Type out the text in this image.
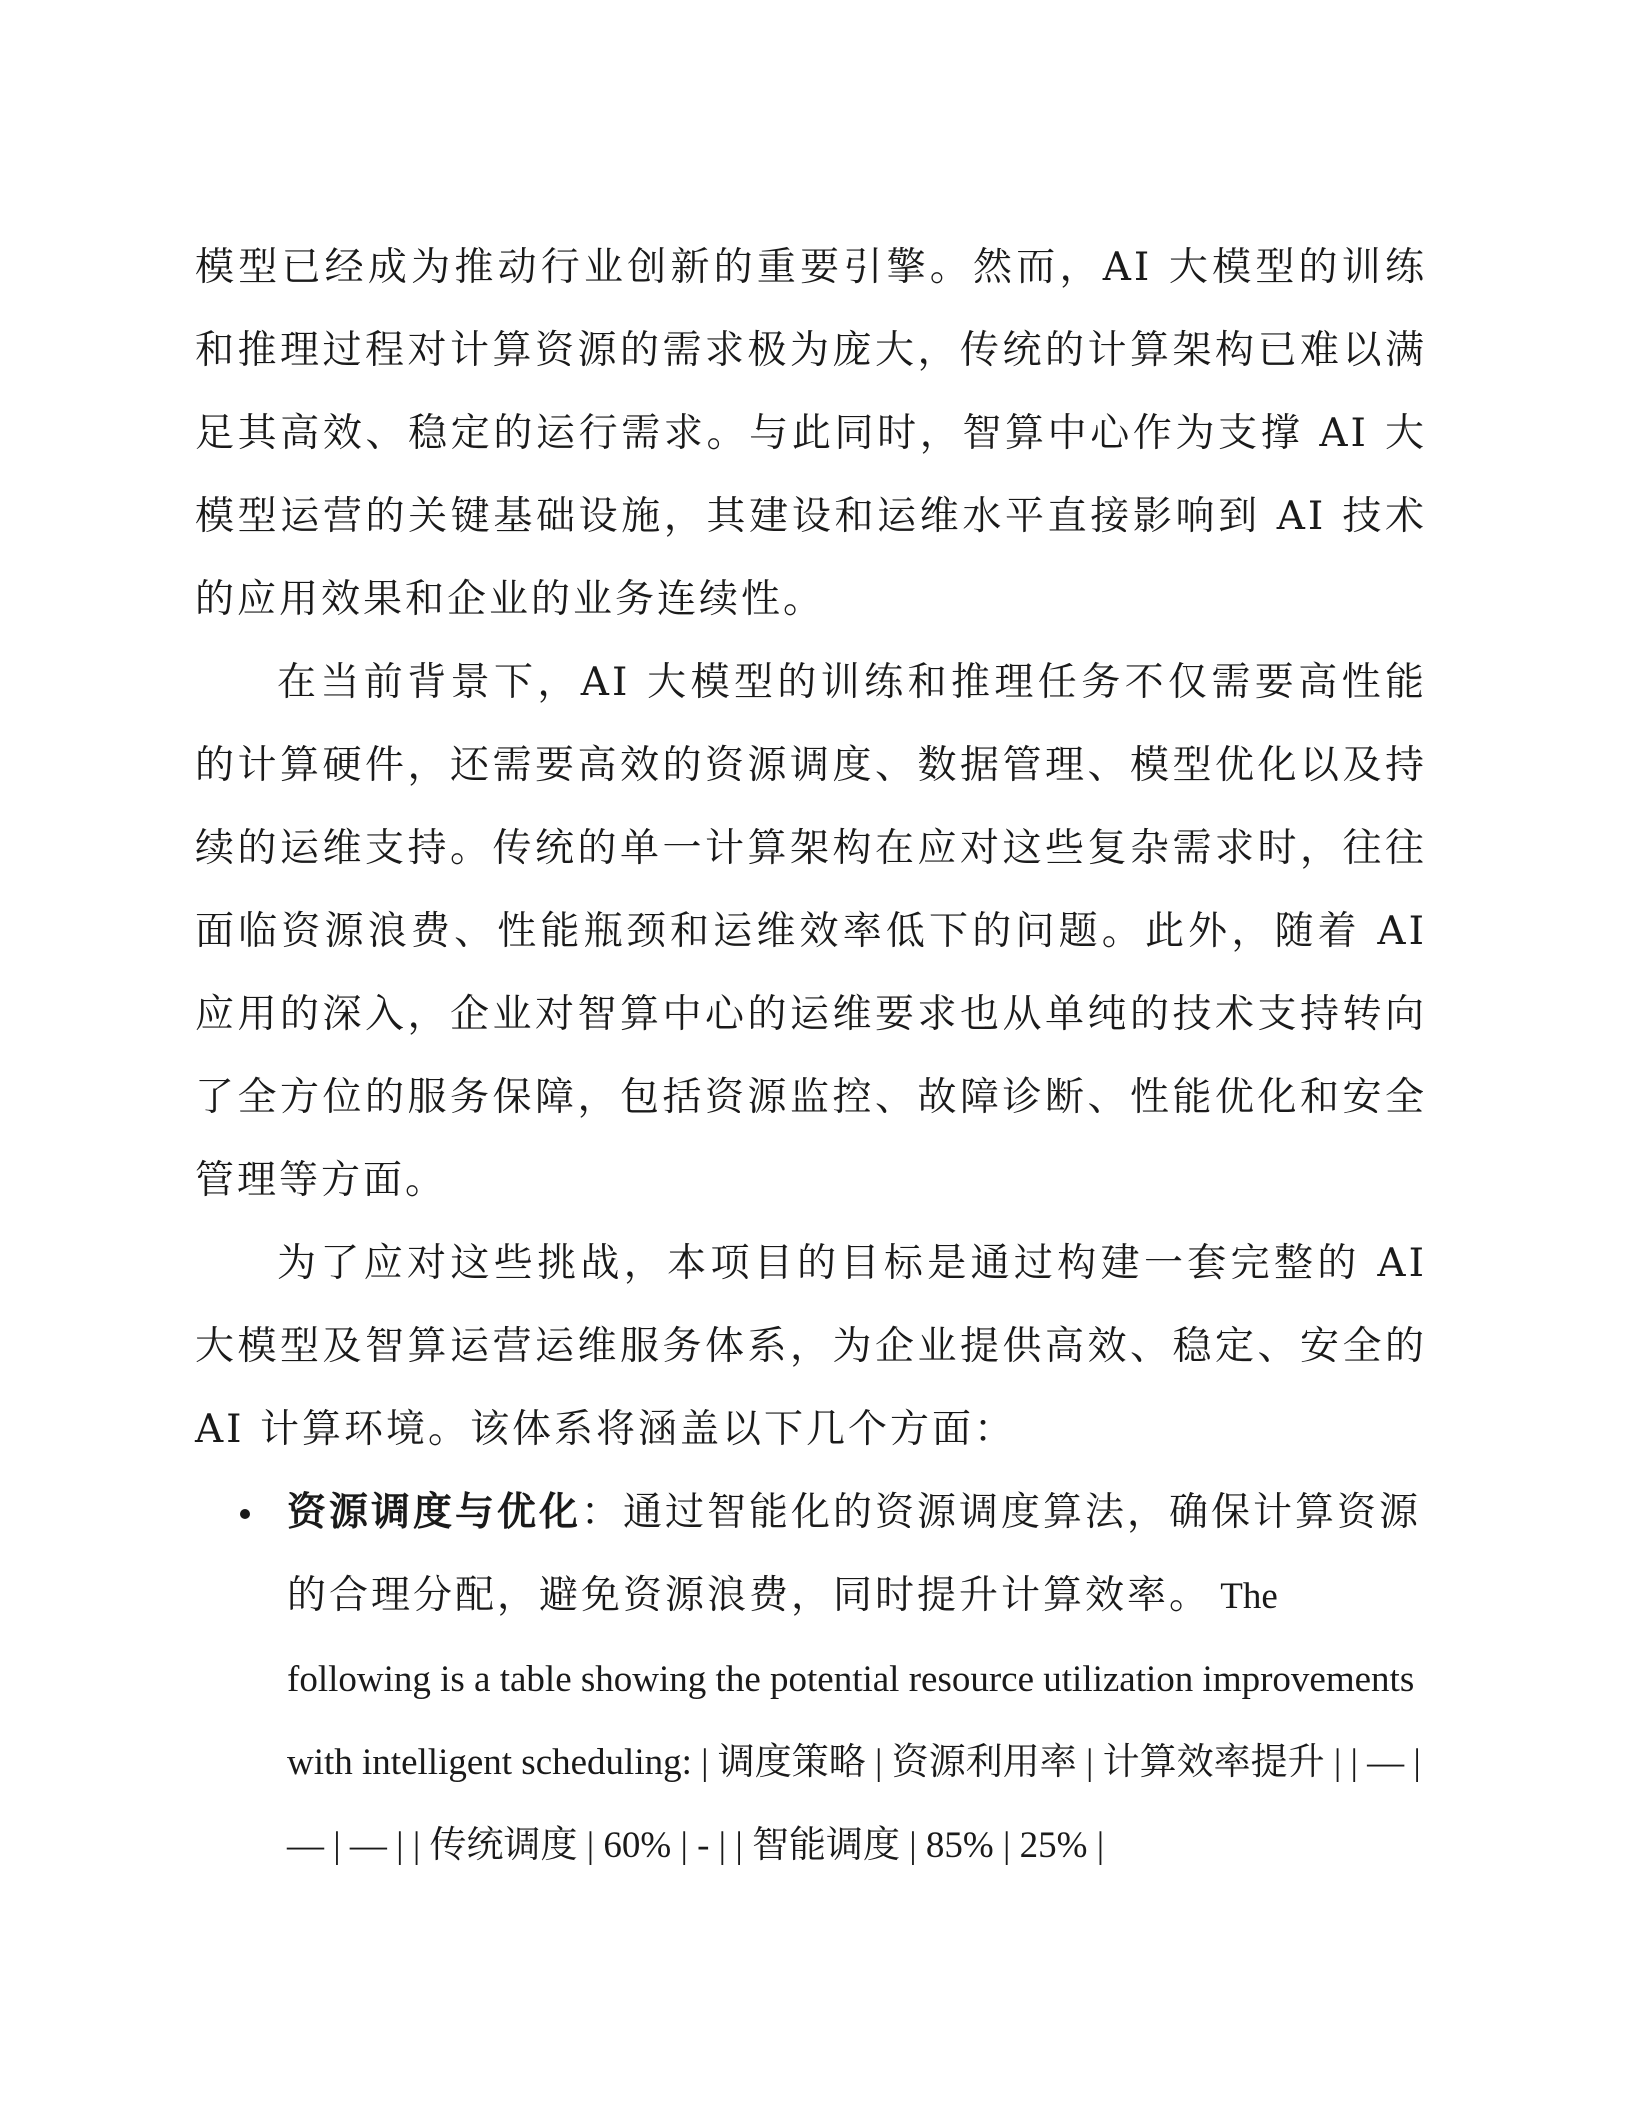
模型已经成为推动行业创新的重要引擎。然而，AI 大模型的训练和推理过程对计算资源的需求极为庞大，传统的计算架构已难以满足其高效、稳定的运行需求。与此同时，智算中心作为支撑 AI 大模型运营的关键基础设施，其建设和运维水平直接影响到 AI 技术的应用效果和企业的业务连续性。

在当前背景下，AI 大模型的训练和推理任务不仅需要高性能的计算硬件，还需要高效的资源调度、数据管理、模型优化以及持续的运维支持。传统的单一计算架构在应对这些复杂需求时，往往面临资源浪费、性能瓶颈和运维效率低下的问题。此外，随着 AI 应用的深入，企业对智算中心的运维要求也从单纯的技术支持转向了全方位的服务保障，包括资源监控、故障诊断、性能优化和安全管理等方面。

为了应对这些挑战，本项目的目标是通过构建一套完整的 AI 大模型及智算运营运维服务体系，为企业提供高效、稳定、安全的 AI 计算环境。该体系将涵盖以下几个方面：

资源调度与优化：通过智能化的资源调度算法，确保计算资源的合理分配，避免资源浪费，同时提升计算效率。 The following is a table showing the potential resource utilization improvements with intelligent scheduling: | 调度策略 | 资源利用率 | 计算效率提升 | | — | — | — | | 传统调度 | 60% | - | | 智能调度 | 85% | 25% |
